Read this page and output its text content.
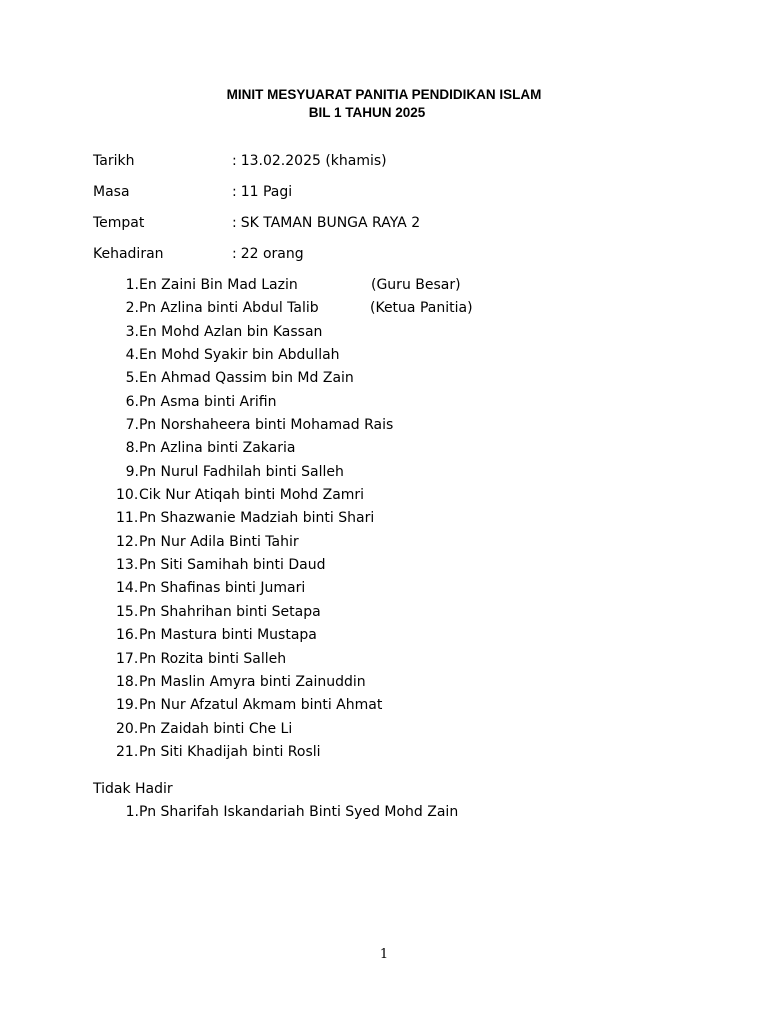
MINIT MESYUARAT PANITIA PENDIDIKAN ISLAM
BIL 1 TAHUN 2025
Tarikh	: 13.02.2025 (khamis)
Masa	: 11 Pagi
Tempat	: SK TAMAN BUNGA RAYA 2
Kehadiran	: 22 orang
1. En Zaini Bin Mad Lazin	(Guru Besar)
2. Pn Azlina binti Abdul Talib	(Ketua Panitia)
3. En Mohd Azlan bin Kassan
4. En Mohd Syakir bin Abdullah
5. En Ahmad Qassim bin Md Zain
6. Pn Asma binti Arifin
7. Pn Norshaheera binti Mohamad Rais
8. Pn Azlina binti Zakaria
9. Pn Nurul Fadhilah binti Salleh
10. Cik Nur Atiqah binti Mohd Zamri
11. Pn Shazwanie Madziah binti Shari
12. Pn Nur Adila Binti Tahir
13. Pn Siti Samihah binti Daud
14. Pn Shafinas binti Jumari
15. Pn Shahrihan binti Setapa
16. Pn Mastura binti Mustapa
17. Pn Rozita binti Salleh
18. Pn Maslin Amyra binti Zainuddin
19. Pn Nur Afzatul Akmam binti Ahmat
20. Pn Zaidah binti Che Li
21. Pn Siti Khadijah binti Rosli
Tidak Hadir
1. Pn Sharifah Iskandariah Binti Syed Mohd Zain
1
